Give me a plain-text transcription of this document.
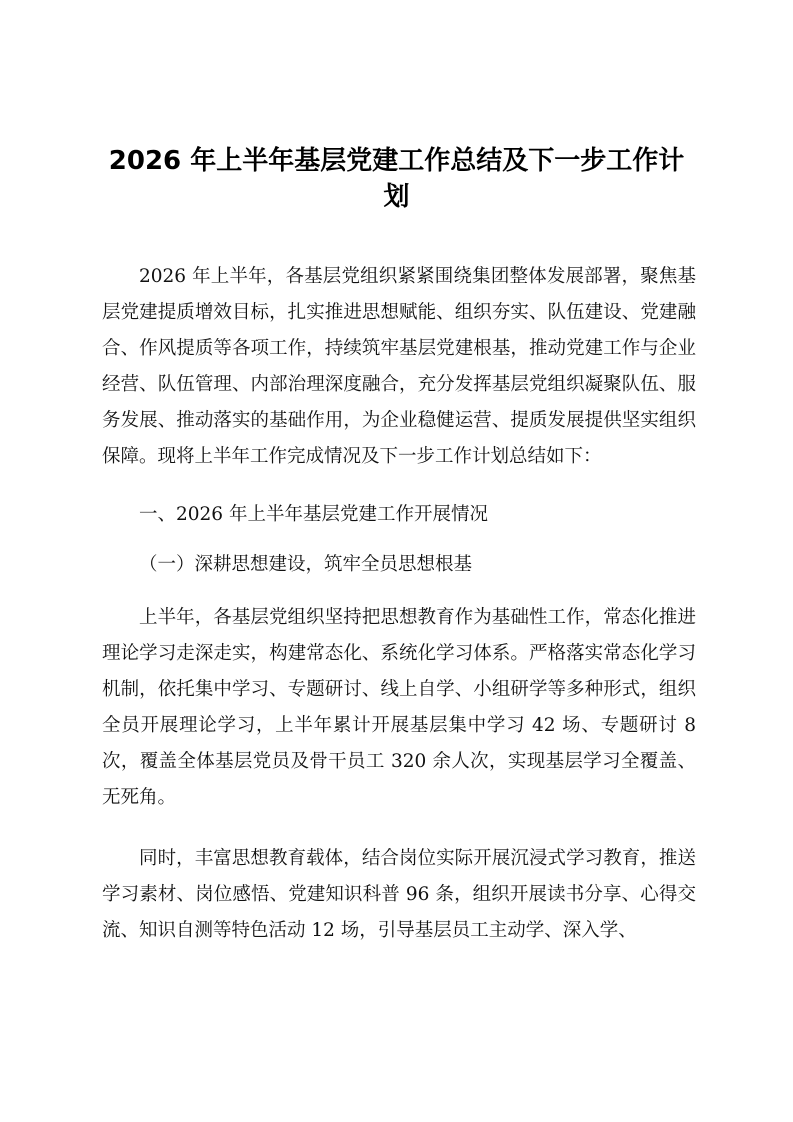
2026 年上半年基层党建工作总结及下一步工作计划

2026 年上半年，各基层党组织紧紧围绕集团整体发展部署，聚焦基层党建提质增效目标，扎实推进思想赋能、组织夯实、队伍建设、党建融合、作风提质等各项工作，持续筑牢基层党建根基，推动党建工作与企业经营、队伍管理、内部治理深度融合，充分发挥基层党组织凝聚队伍、服务发展、推动落实的基础作用，为企业稳健运营、提质发展提供坚实组织保障。现将上半年工作完成情况及下一步工作计划总结如下：

一、2026 年上半年基层党建工作开展情况

（一）深耕思想建设，筑牢全员思想根基

上半年，各基层党组织坚持把思想教育作为基础性工作，常态化推进理论学习走深走实，构建常态化、系统化学习体系。严格落实常态化学习机制，依托集中学习、专题研讨、线上自学、小组研学等多种形式，组织全员开展理论学习，上半年累计开展基层集中学习 42 场、专题研讨 8 次，覆盖全体基层党员及骨干员工 320 余人次，实现基层学习全覆盖、无死角。

同时，丰富思想教育载体，结合岗位实际开展沉浸式学习教育，推送学习素材、岗位感悟、党建知识科普 96 条，组织开展读书分享、心得交流、知识自测等特色活动 12 场，引导基层员工主动学、深入学、
